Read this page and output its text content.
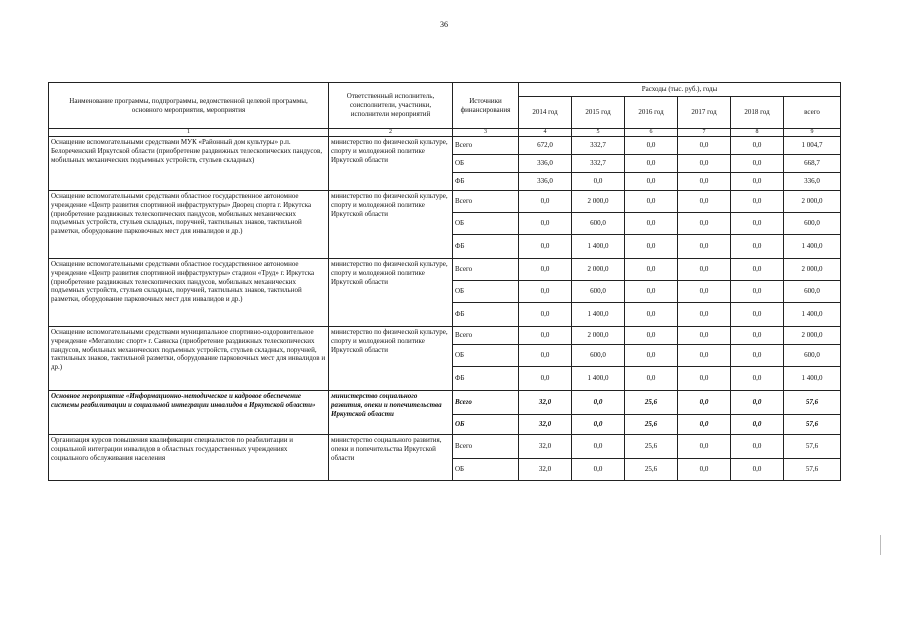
36
Наименование программы, подпрограммы, ведомственной целевой программы, основного мероприятия, мероприятия	Ответственный исполнитель, соисполнители, участники, исполнители мероприятий	Источники финансирования	Расходы (тыс. руб.), годы					
			2014 год	2015 год	2016 год	2017 год	2018 год	всего
1	2	3	4	5	6	7	8	9
Оснащение вспомогательными средствами МУК «Районный дом культуры» р.п. Белореченский Иркутской области (приобретение раздвижных телескопических пандусов, мобильных механических подъемных устройств, стульев складных)	министерство по физической культуре, спорту и молодежной политике Иркутской области	Всего	672,0	332,7	0,0	0,0	0,0	1 004,7
		ОБ	336,0	332,7	0,0	0,0	0,0	668,7
		ФБ	336,0	0,0	0,0	0,0	0,0	336,0
Оснащение вспомогательными средствами областное государственное автономное учреждение «Центр развития спортивной инфраструктуры» Дворец спорта г. Иркутска (приобретение раздвижных телескопических пандусов, мобильных механических подъемных устройств, стульев складных, поручней, тактильных знаков, тактильной разметки, оборудование парковочных мест для инвалидов и др.)	министерство по физической культуре, спорту и молодежной политике Иркутской области	Всего	0,0	2 000,0	0,0	0,0	0,0	2 000,0
		ОБ	0,0	600,0	0,0	0,0	0,0	600,0
		ФБ	0,0	1 400,0	0,0	0,0	0,0	1 400,0
Оснащение вспомогательными средствами областное государственное автономное учреждение «Центр развития спортивной инфраструктуры» стадион «Труд» г. Иркутска (приобретение раздвижных телескопических пандусов, мобильных механических подъемных устройств, стульев складных, поручней, тактильных знаков, тактильной разметки, оборудование парковочных мест для инвалидов и др.)	министерство по физической культуре, спорту и молодежной политике Иркутской области	Всего	0,0	2 000,0	0,0	0,0	0,0	2 000,0
		ОБ	0,0	600,0	0,0	0,0	0,0	600,0
		ФБ	0,0	1 400,0	0,0	0,0	0,0	1 400,0
Оснащение вспомогательными средствами муниципальное спортивно-оздоровительное учреждение «Мегаполис спорт» г. Саянска (приобретение раздвижных телескопических пандусов, мобильных механических подъемных устройств, стульев складных, поручней, тактильных знаков, тактильной разметки, оборудование парковочных мест для инвалидов и др.)	министерство по физической культуре, спорту и молодежной политике Иркутской области	Всего	0,0	2 000,0	0,0	0,0	0,0	2 000,0
		ОБ	0,0	600,0	0,0	0,0	0,0	600,0
		ФБ	0,0	1 400,0	0,0	0,0	0,0	1 400,0
Основное мероприятие «Информационно-методическое и кадровое обеспечение системы реабилитации и социальной интеграции инвалидов в Иркутской области»	министерство социального развития, опеки и попечительства Иркутской области	Всего	32,0	0,0	25,6	0,0	0,0	57,6
		ОБ	32,0	0,0	25,6	0,0	0,0	57,6
Организация курсов повышения квалификации специалистов по реабилитации и социальной интеграции инвалидов в областных государственных учреждениях социального обслуживания населения	министерство социального развития, опеки и попечительства Иркутской области	Всего	32,0	0,0	25,6	0,0	0,0	57,6
		ОБ	32,0	0,0	25,6	0,0	0,0	57,6
